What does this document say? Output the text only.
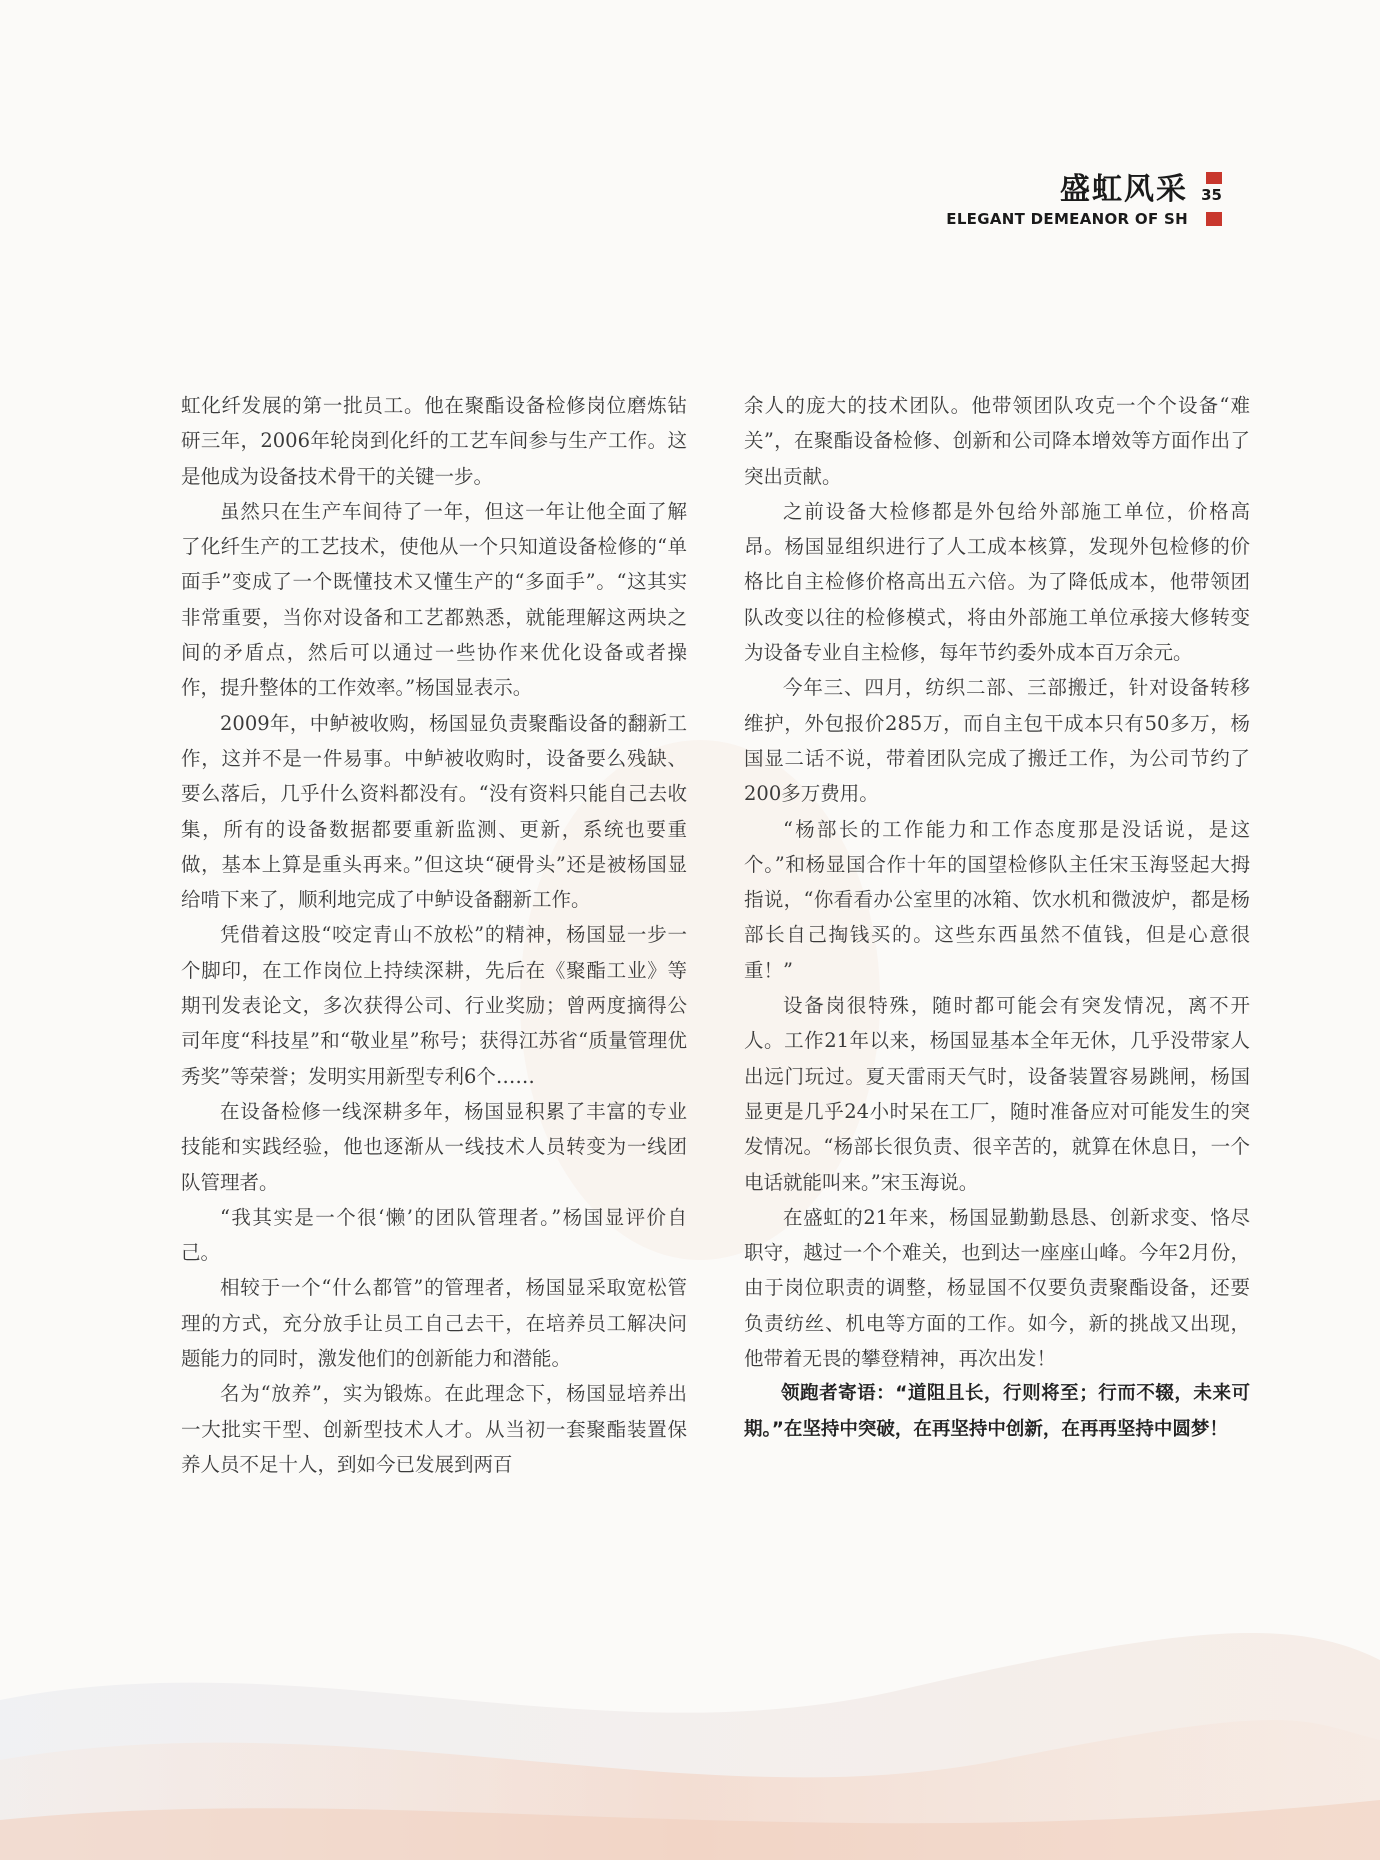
盛虹风采
ELEGANT DEMEANOR OF SH
35

虹化纤发展的第一批员工。他在聚酯设备检修岗位磨炼钻研三年，2006年轮岗到化纤的工艺车间参与生产工作。这是他成为设备技术骨干的关键一步。

虽然只在生产车间待了一年，但这一年让他全面了解了化纤生产的工艺技术，使他从一个只知道设备检修的“单面手”变成了一个既懂技术又懂生产的“多面手”。“这其实非常重要，当你对设备和工艺都熟悉，就能理解这两块之间的矛盾点，然后可以通过一些协作来优化设备或者操作，提升整体的工作效率。”杨国显表示。

2009年，中鲈被收购，杨国显负责聚酯设备的翻新工作，这并不是一件易事。中鲈被收购时，设备要么残缺、要么落后，几乎什么资料都没有。“没有资料只能自己去收集，所有的设备数据都要重新监测、更新，系统也要重做，基本上算是重头再来。”但这块“硬骨头”还是被杨国显给啃下来了，顺利地完成了中鲈设备翻新工作。

凭借着这股“咬定青山不放松”的精神，杨国显一步一个脚印，在工作岗位上持续深耕，先后在《聚酯工业》等期刊发表论文，多次获得公司、行业奖励；曾两度摘得公司年度“科技星”和“敬业星”称号；获得江苏省“质量管理优秀奖”等荣誉；发明实用新型专利6个……

在设备检修一线深耕多年，杨国显积累了丰富的专业技能和实践经验，他也逐渐从一线技术人员转变为一线团队管理者。

“我其实是一个很‘懒’的团队管理者。”杨国显评价自己。

相较于一个“什么都管”的管理者，杨国显采取宽松管理的方式，充分放手让员工自己去干，在培养员工解决问题能力的同时，激发他们的创新能力和潜能。

名为“放养”，实为锻炼。在此理念下，杨国显培养出一大批实干型、创新型技术人才。从当初一套聚酯装置保养人员不足十人，到如今已发展到两百

余人的庞大的技术团队。他带领团队攻克一个个设备“难关”，在聚酯设备检修、创新和公司降本增效等方面作出了突出贡献。

之前设备大检修都是外包给外部施工单位，价格高昂。杨国显组织进行了人工成本核算，发现外包检修的价格比自主检修价格高出五六倍。为了降低成本，他带领团队改变以往的检修模式，将由外部施工单位承接大修转变为设备专业自主检修，每年节约委外成本百万余元。

今年三、四月，纺织二部、三部搬迁，针对设备转移维护，外包报价285万，而自主包干成本只有50多万，杨国显二话不说，带着团队完成了搬迁工作，为公司节约了200多万费用。

“杨部长的工作能力和工作态度那是没话说，是这个。”和杨显国合作十年的国望检修队主任宋玉海竖起大拇指说，“你看看办公室里的冰箱、饮水机和微波炉，都是杨部长自己掏钱买的。这些东西虽然不值钱，但是心意很重！”

设备岗很特殊，随时都可能会有突发情况，离不开人。工作21年以来，杨国显基本全年无休，几乎没带家人出远门玩过。夏天雷雨天气时，设备装置容易跳闸，杨国显更是几乎24小时呆在工厂，随时准备应对可能发生的突发情况。“杨部长很负责、很辛苦的，就算在休息日，一个电话就能叫来。”宋玉海说。

在盛虹的21年来，杨国显勤勤恳恳、创新求变、恪尽职守，越过一个个难关，也到达一座座山峰。今年2月份，由于岗位职责的调整，杨显国不仅要负责聚酯设备，还要负责纺丝、机电等方面的工作。如今，新的挑战又出现，他带着无畏的攀登精神，再次出发！

领跑者寄语：“道阻且长，行则将至；行而不辍，未来可期。”在坚持中突破，在再坚持中创新，在再再坚持中圆梦！
